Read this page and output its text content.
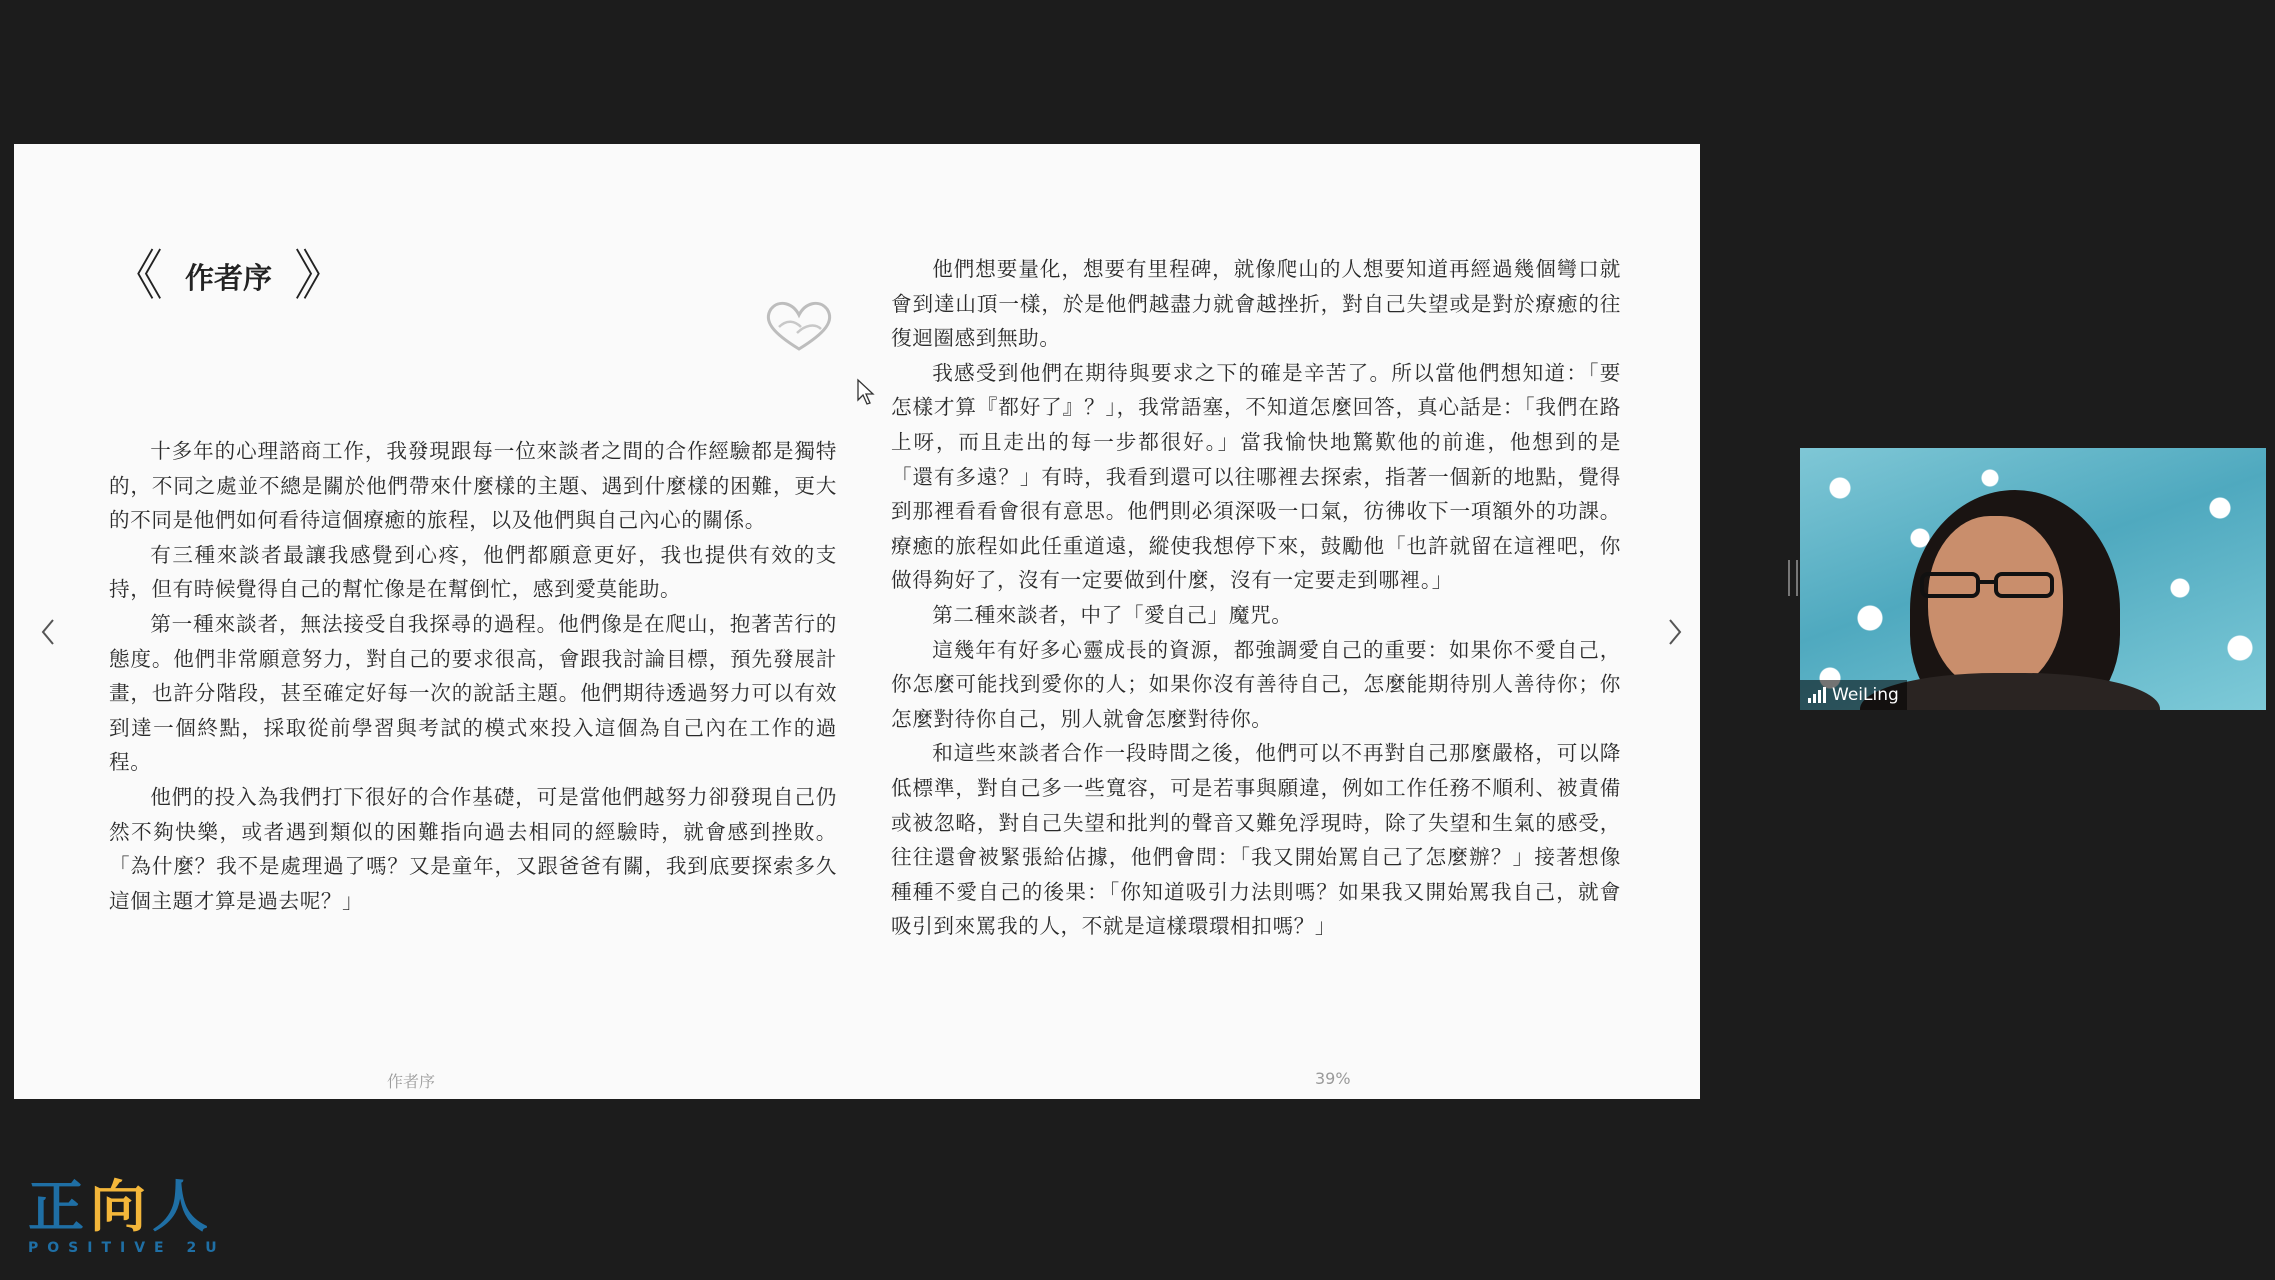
《 作者序 》

十多年的心理諮商工作，我發現跟每一位來談者之間的合作經驗都是獨特的，不同之處並不總是關於他們帶來什麼樣的主題、遇到什麼樣的困難，更大的不同是他們如何看待這個療癒的旅程，以及他們與自己內心的關係。

有三種來談者最讓我感覺到心疼，他們都願意更好，我也提供有效的支持，但有時候覺得自己的幫忙像是在幫倒忙，感到愛莫能助。

第一種來談者，無法接受自我探尋的過程。他們像是在爬山，抱著苦行的態度。他們非常願意努力，對自己的要求很高，會跟我討論目標，預先發展計畫，也許分階段，甚至確定好每一次的說話主題。他們期待透過努力可以有效到達一個終點，採取從前學習與考試的模式來投入這個為自己內在工作的過程。

他們的投入為我們打下很好的合作基礎，可是當他們越努力卻發現自己仍然不夠快樂，或者遇到類似的困難指向過去相同的經驗時，就會感到挫敗。「為什麼？我不是處理過了嗎？又是童年，又跟爸爸有關，我到底要探索多久這個主題才算是過去呢？」

作者序

他們想要量化，想要有里程碑，就像爬山的人想要知道再經過幾個彎口就會到達山頂一樣，於是他們越盡力就會越挫折，對自己失望或是對於療癒的往復迴圈感到無助。

我感受到他們在期待與要求之下的確是辛苦了。所以當他們想知道：「要怎樣才算『都好了』？」，我常語塞，不知道怎麼回答，真心話是：「我們在路上呀，而且走出的每一步都很好。」當我愉快地驚歎他的前進，他想到的是「還有多遠？」有時，我看到還可以往哪裡去探索，指著一個新的地點，覺得到那裡看看會很有意思。他們則必須深吸一口氣，彷彿收下一項額外的功課。療癒的旅程如此任重道遠，縱使我想停下來，鼓勵他「也許就留在這裡吧，你做得夠好了，沒有一定要做到什麼，沒有一定要走到哪裡。」

第二種來談者，中了「愛自己」魔咒。

這幾年有好多心靈成長的資源，都強調愛自己的重要：如果你不愛自己，你怎麼可能找到愛你的人；如果你沒有善待自己，怎麼能期待別人善待你；你怎麼對待你自己，別人就會怎麼對待你。

和這些來談者合作一段時間之後，他們可以不再對自己那麼嚴格，可以降低標準，對自己多一些寬容，可是若事與願違，例如工作任務不順利、被責備或被忽略，對自己失望和批判的聲音又難免浮現時，除了失望和生氣的感受，往往還會被緊張給佔據，他們會問：「我又開始罵自己了怎麼辦？」接著想像種種不愛自己的後果：「你知道吸引力法則嗎？如果我又開始罵我自己，就會吸引到來罵我的人，不就是這樣環環相扣嗎？」

39%
WeiLing
正向人
POSITIVE 2U
